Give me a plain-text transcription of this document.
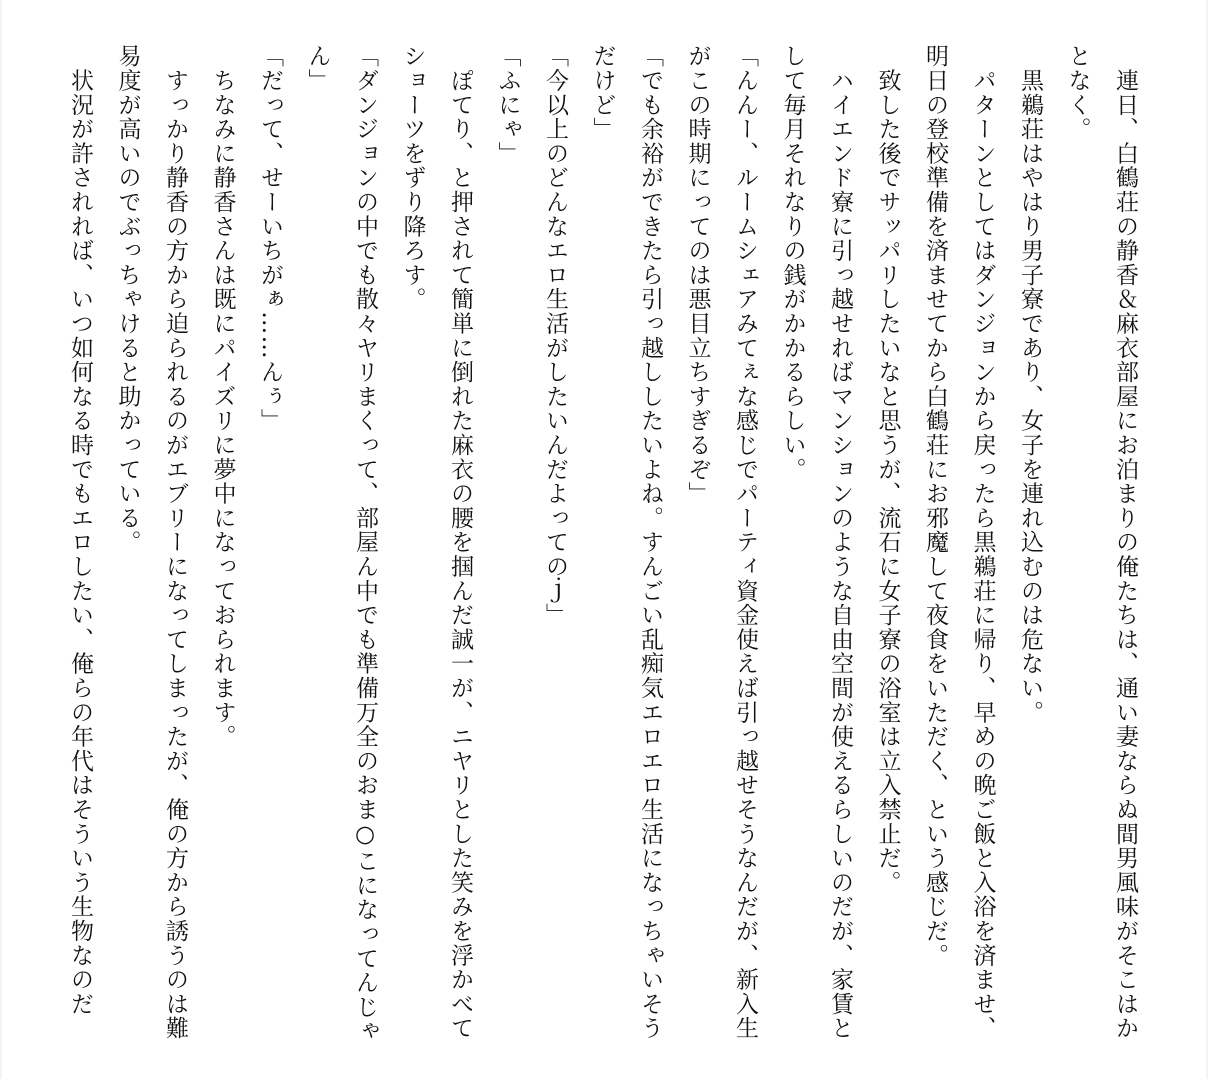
　連日、白鶴荘の静香＆麻衣部屋にお泊まりの俺たちは、通い妻ならぬ間男風味がそこはかとなく。

　黒鵜荘はやはり男子寮であり、女子を連れ込むのは危ない。

　パターンとしてはダンジョンから戻ったら黒鵜荘に帰り、早めの晩ご飯と入浴を済ませ、明日の登校準備を済ませてから白鶴荘にお邪魔して夜食をいただく、という感じだ。

　致した後でサッパリしたいなと思うが、流石に女子寮の浴室は立入禁止だ。

　ハイエンド寮に引っ越せればマンションのような自由空間が使えるらしいのだが、家賃として毎月それなりの銭がかかるらしい。

「んんー、ルームシェアみてぇな感じでパーティ資金使えば引っ越せそうなんだが、新入生がこの時期にってのは悪目立ちすぎるぞ」

「でも余裕ができたら引っ越ししたいよね。すんごい乱痴気エロエロ生活になっちゃいそうだけど」

「今以上のどんなエロ生活がしたいんだよってのｊ」

「ふにゃ」

　ぽてり、と押されて簡単に倒れた麻衣の腰を掴んだ誠一が、ニヤリとした笑みを浮かべてショーツをずり降ろす。

「ダンジョンの中でも散々ヤリまくって、部屋ん中でも準備万全のおま○こになってんじゃん」

「だって、せーいちがぁ……んぅ」

　ちなみに静香さんは既にパイズリに夢中になっておられます。

　すっかり静香の方から迫られるのがエブリーになってしまったが、俺の方から誘うのは難易度が高いのでぶっちゃけると助かっている。

　状況が許されれば、いつ如何なる時でもエロしたい、俺らの年代はそういう生物なのだ
